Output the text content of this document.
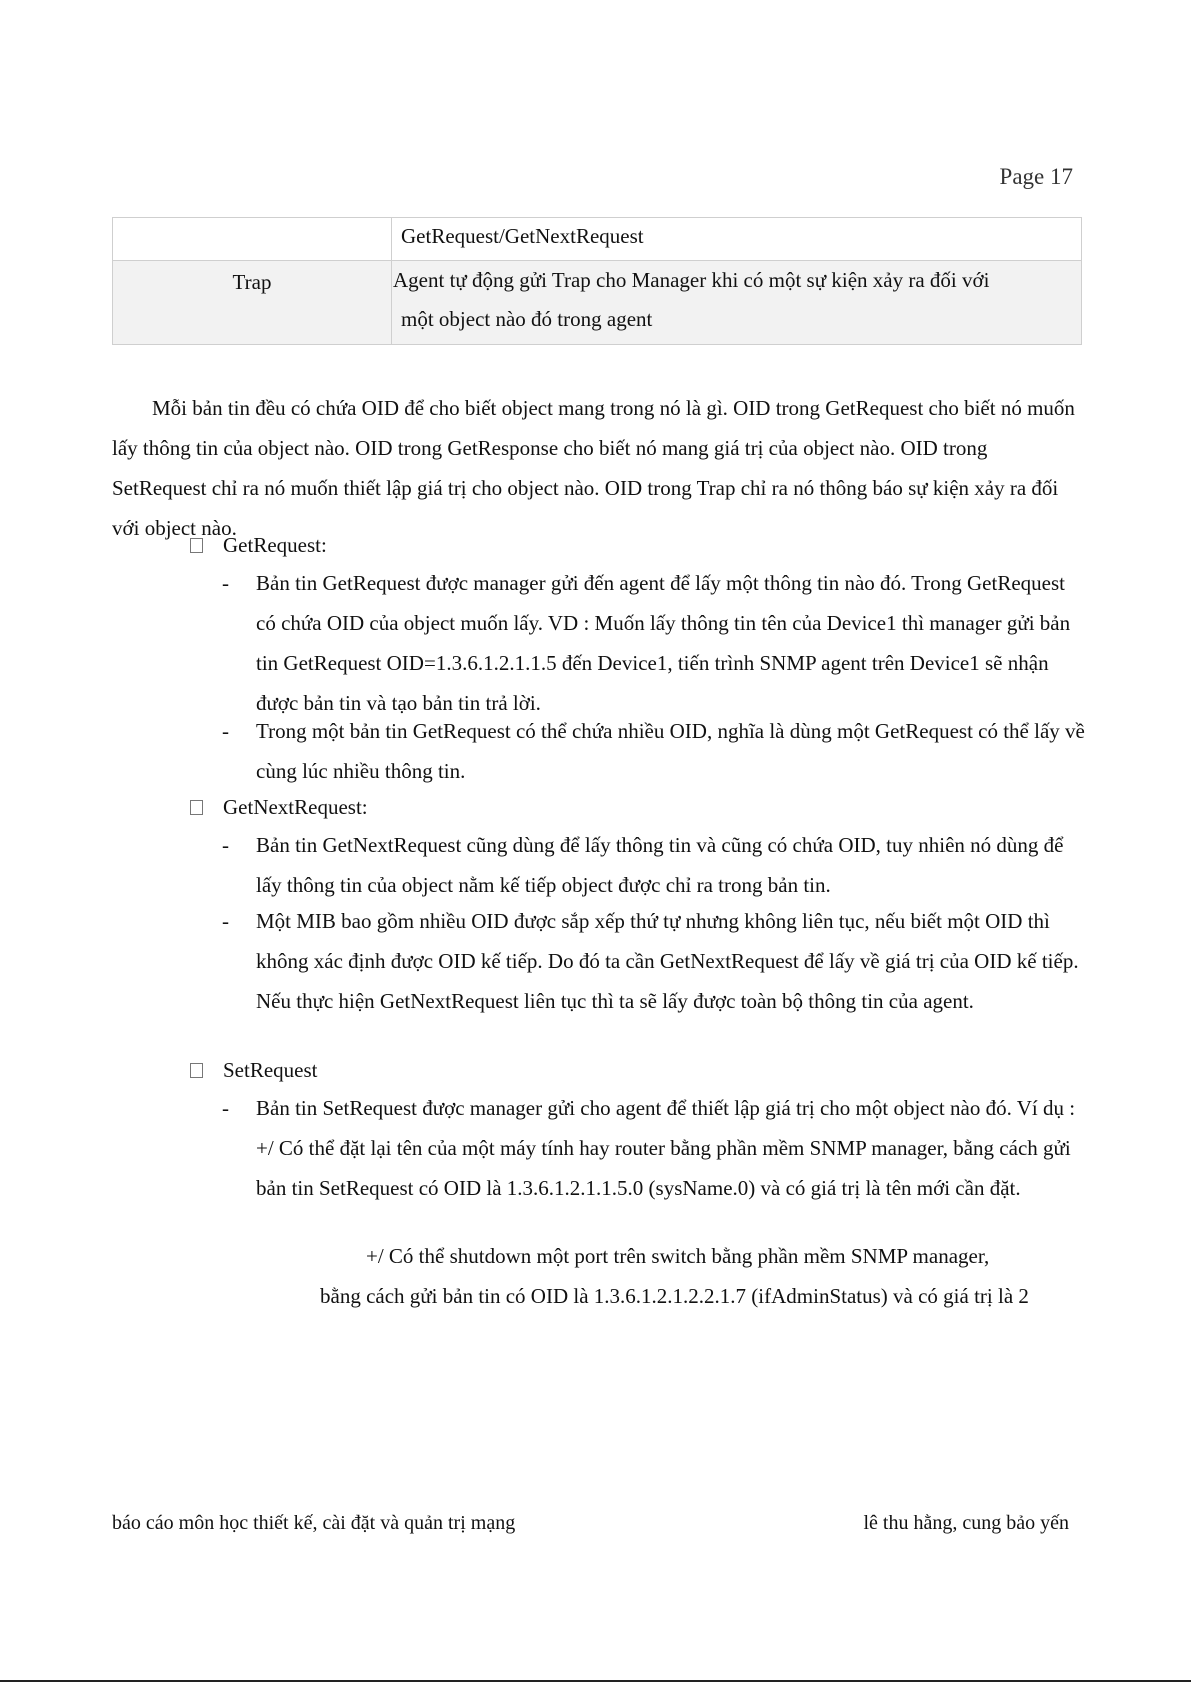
Page 17
	GetRequest/GetNextRequest
Trap	Agent tự động gửi Trap cho Manager khi có một sự kiện xảy ra đối với
một object nào đó trong agent

Mỗi bản tin đều có chứa OID để cho biết object mang trong nó là gì. OID trong GetRequest cho biết nó muốn lấy thông tin của object nào. OID trong GetResponse cho biết nó mang giá trị của object nào. OID trong SetRequest chỉ ra nó muốn thiết lập giá trị cho object nào. OID trong Trap chỉ ra nó thông báo sự kiện xảy ra đối với object nào.

GetRequest:
- Bản tin GetRequest được manager gửi đến agent để lấy một thông tin nào đó. Trong GetRequest có chứa OID của object muốn lấy. VD : Muốn lấy thông tin tên của Device1 thì manager gửi bản tin GetRequest OID=1.3.6.1.2.1.1.5 đến Device1, tiến trình SNMP agent trên Device1 sẽ nhận được bản tin và tạo bản tin trả lời.

- Trong một bản tin GetRequest có thể chứa nhiều OID, nghĩa là dùng một GetRequest có thể lấy về cùng lúc nhiều thông tin.

GetNextRequest:
- Bản tin GetNextRequest cũng dùng để lấy thông tin và cũng có chứa OID, tuy nhiên nó dùng để lấy thông tin của object nằm kế tiếp object được chỉ ra trong bản tin.

- Một MIB bao gồm nhiều OID được sắp xếp thứ tự nhưng không liên tục, nếu biết một OID thì không xác định được OID kế tiếp. Do đó ta cần GetNextRequest để lấy về giá trị của OID kế tiếp. Nếu thực hiện GetNextRequest liên tục thì ta sẽ lấy được toàn bộ thông tin của agent.

SetRequest
- Bản tin SetRequest được manager gửi cho agent để thiết lập giá trị cho một object nào đó. Ví dụ : +/ Có thể đặt lại tên của một máy tính hay router bằng phần mềm SNMP manager, bằng cách gửi bản tin SetRequest có OID là 1.3.6.1.2.1.1.5.0 (sysName.0) và có giá trị là tên mới cần đặt.

+/ Có thể shutdown một port trên switch bằng phần mềm SNMP manager,

bằng cách gửi bản tin có OID là 1.3.6.1.2.1.2.2.1.7 (ifAdminStatus) và có giá trị là 2

báo cáo môn học thiết kế, cài đặt và quản trị mạng	lê thu hằng, cung bảo yến
